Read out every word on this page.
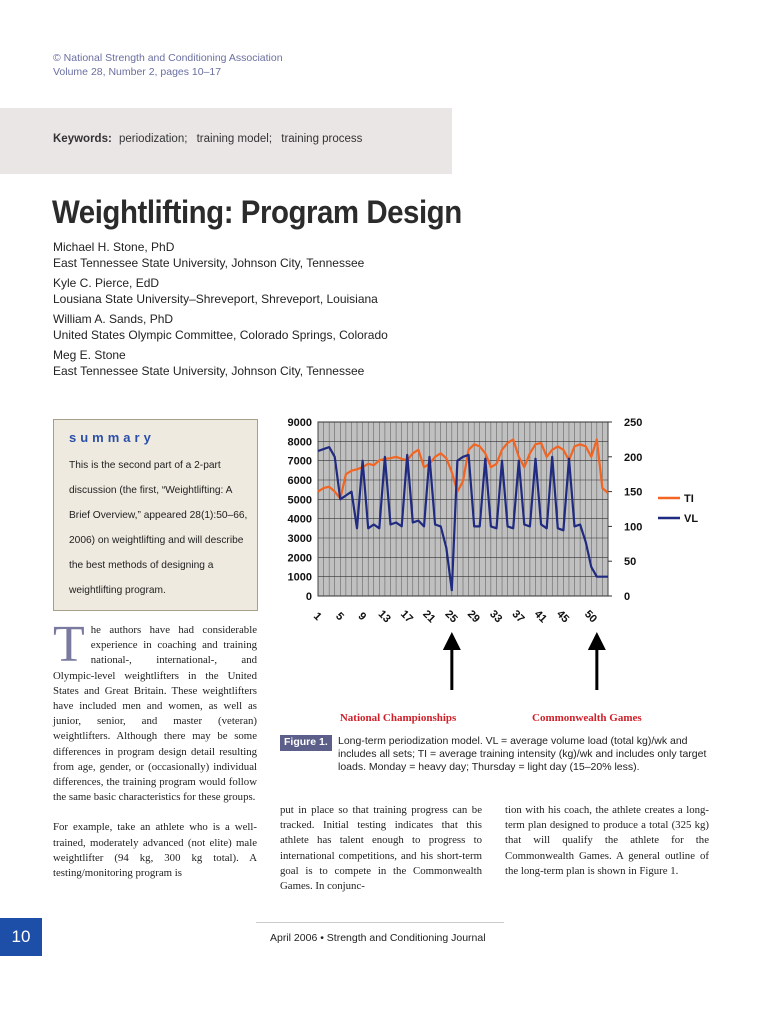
© National Strength and Conditioning Association
Volume 28, Number 2, pages 10–17
Keywords: periodization; training model; training process
Weightlifting: Program Design
Michael H. Stone, PhD
East Tennessee State University, Johnson City, Tennessee
Kyle C. Pierce, EdD
Lousiana State University–Shreveport, Shreveport, Louisiana
William A. Sands, PhD
United States Olympic Committee, Colorado Springs, Colorado
Meg E. Stone
East Tennessee State University, Johnson City, Tennessee
summary
This is the second part of a 2-part discussion (the first, “Weightlifting: A Brief Overview,” appeared 28(1):50–66, 2006) on weightlifting and will describe the best methods of designing a weightlifting program.
The authors have had considerable experience in coaching and training national-, international-, and Olympic-level weightlifters in the United States and Great Britain. These weightlifters have included men and women, as well as junior, senior, and master (veteran) weightlifters. Although there may be some differences in program design detail resulting from age, gender, or (occasionally) individual differences, the training program would follow the same basic characteristics for these groups.
For example, take an athlete who is a well-trained, moderately advanced (not elite) male weightlifter (94 kg, 300 kg total). A testing/monitoring program is
put in place so that training progress can be tracked. Initial testing indicates that this athlete has talent enough to progress to international competitions, and his short-term goal is to compete in the Commonwealth Games. In conjunc-
tion with his coach, the athlete creates a long-term plan designed to produce a total (325 kg) that will qualify the athlete for the Commonwealth Games. A general outline of the long-term plan is shown in Figure 1.
0
1000
2000
3000
4000
5000
6000
7000
8000
9000
0
50
100
150
200
250
1 5 9 13 17 21 25 29 33 37 41 45 50
TI
VL
National Championships	Commonwealth Games
Figure 1. Long-term periodization model. VL = average volume load (total kg)/wk and includes all sets; TI = average training intensity (kg)/wk and includes only target loads. Monday = heavy day; Thursday = light day (15–20% less).
10	April 2006 • Strength and Conditioning Journal
